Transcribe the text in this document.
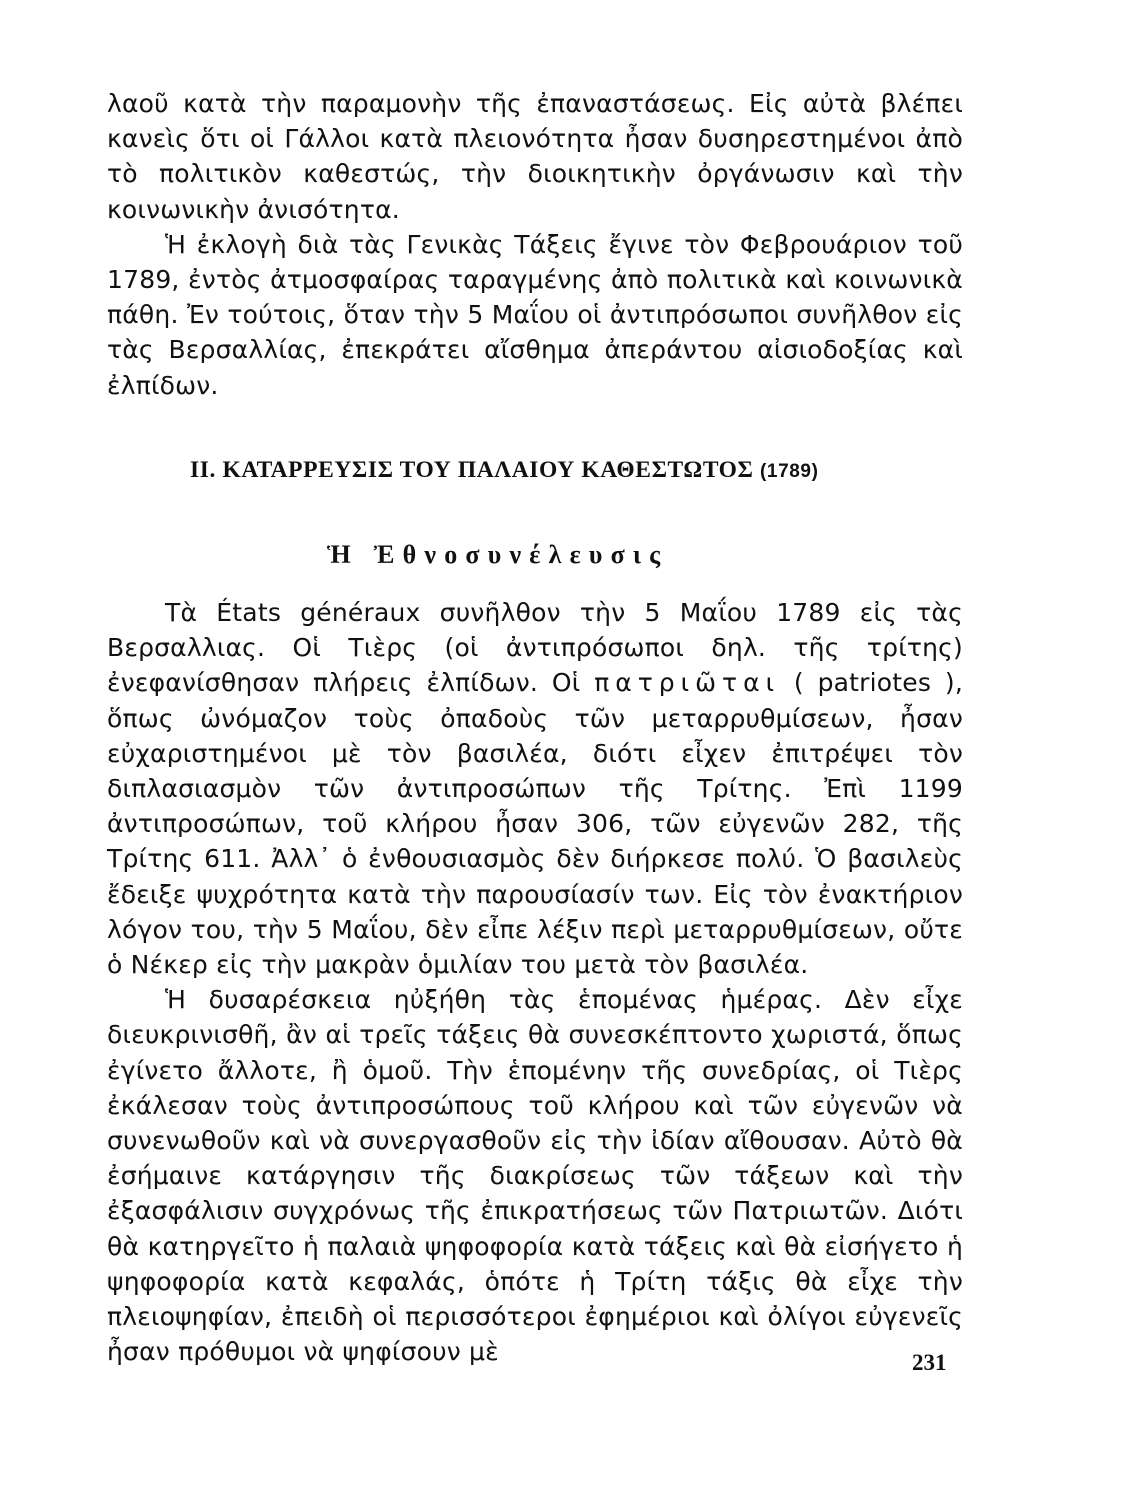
λαοῦ κατὰ τὴν παραμονὴν τῆς ἐπαναστάσεως. Εἰς αὐτὰ βλέπει κανεὶς ὅτι οἱ Γάλλοι κατὰ πλειονότητα ἦσαν δυσηρεστημένοι ἀπὸ τὸ πολιτικὸν καθεστώς, τὴν διοικητικὴν ὀργάνωσιν καὶ τὴν κοινωνικὴν ἀνισότητα.

Ἡ ἐκλογὴ διὰ τὰς Γενικὰς Τάξεις ἔγινε τὸν Φεβρουάριον τοῦ 1789, ἐντὸς ἀτμοσφαίρας ταραγμένης ἀπὸ πολιτικὰ καὶ κοινωνικὰ πάθη. Ἐν τούτοις, ὅταν τὴν 5 Μαΐου οἱ ἀντιπρόσωποι συνῆλθον εἰς τὰς Βερσαλλίας, ἐπεκράτει αἴσθημα ἀπεράντου αἰσιοδοξίας καὶ ἐλπίδων.

II. ΚΑΤΑΡΡΕΥΣΙΣ ΤΟΥ ΠΑΛΑΙΟΥ ΚΑΘΕΣΤΩΤΟΣ (1789)
Ἡ Ἐθνοσυνέλευσις

Τὰ États généraux συνῆλθον τὴν 5 Μαΐου 1789 εἰς τὰς Βερσαλλιας. Οἱ Τιὲρς (οἱ ἀντιπρόσωποι δηλ. τῆς τρίτης) ἐνεφανίσθησαν πλήρεις ἐλπίδων. Οἱ πατριῶται ( patriotes ), ὅπως ὠνόμαζον τοὺς ὀπαδοὺς τῶν μεταρρυθμίσεων, ἦσαν εὐχαριστημένοι μὲ τὸν βασιλέα, διότι εἶχεν ἐπιτρέψει τὸν διπλασιασμὸν τῶν ἀντιπροσώπων τῆς Τρίτης. Ἐπὶ 1199 ἀντιπροσώπων, τοῦ κλήρου ἦσαν 306, τῶν εὐγενῶν 282, τῆς Τρίτης 611. Ἀλλ᾽ ὁ ἐνθουσιασμὸς δὲν διήρκεσε πολύ. Ὁ βασιλεὺς ἔδειξε ψυχρότητα κατὰ τὴν παρουσίασίν των. Εἰς τὸν ἐνακτήριον λόγον του, τὴν 5 Μαΐου, δὲν εἶπε λέξιν περὶ μεταρρυθμίσεων, οὔτε ὁ Νέκερ εἰς τὴν μακρὰν ὁμιλίαν του μετὰ τὸν βασιλέα.

Ἡ δυσαρέσκεια ηὐξήθη τὰς ἑπομένας ἡμέρας. Δὲν εἶχε διευκρινισθῆ, ἂν αἱ τρεῖς τάξεις θὰ συνεσκέπτοντο χωριστά, ὅπως ἐγίνετο ἄλλοτε, ἢ ὁμοῦ. Τὴν ἑπομένην τῆς συνεδρίας, οἱ Τιὲρς ἐκάλεσαν τοὺς ἀντιπροσώπους τοῦ κλήρου καὶ τῶν εὐγενῶν νὰ συνενωθοῦν καὶ νὰ συνεργασθοῦν εἰς τὴν ἰδίαν αἴθουσαν. Αὐτὸ θὰ ἐσήμαινε κατάργησιν τῆς διακρίσεως τῶν τάξεων καὶ τὴν ἐξασφάλισιν συγχρόνως τῆς ἐπικρατήσεως τῶν Πατριωτῶν. Διότι θὰ κατηργεῖτο ἡ παλαιὰ ψηφοφορία κατὰ τάξεις καὶ θὰ εἰσήγετο ἡ ψηφοφορία κατὰ κεφαλάς, ὁπότε ἡ Τρίτη τάξις θὰ εἶχε τὴν πλειοψηφίαν, ἐπειδὴ οἱ περισσότεροι ἐφημέριοι καὶ ὀλίγοι εὐγενεῖς ἦσαν πρόθυμοι νὰ ψηφίσουν μὲ	231
